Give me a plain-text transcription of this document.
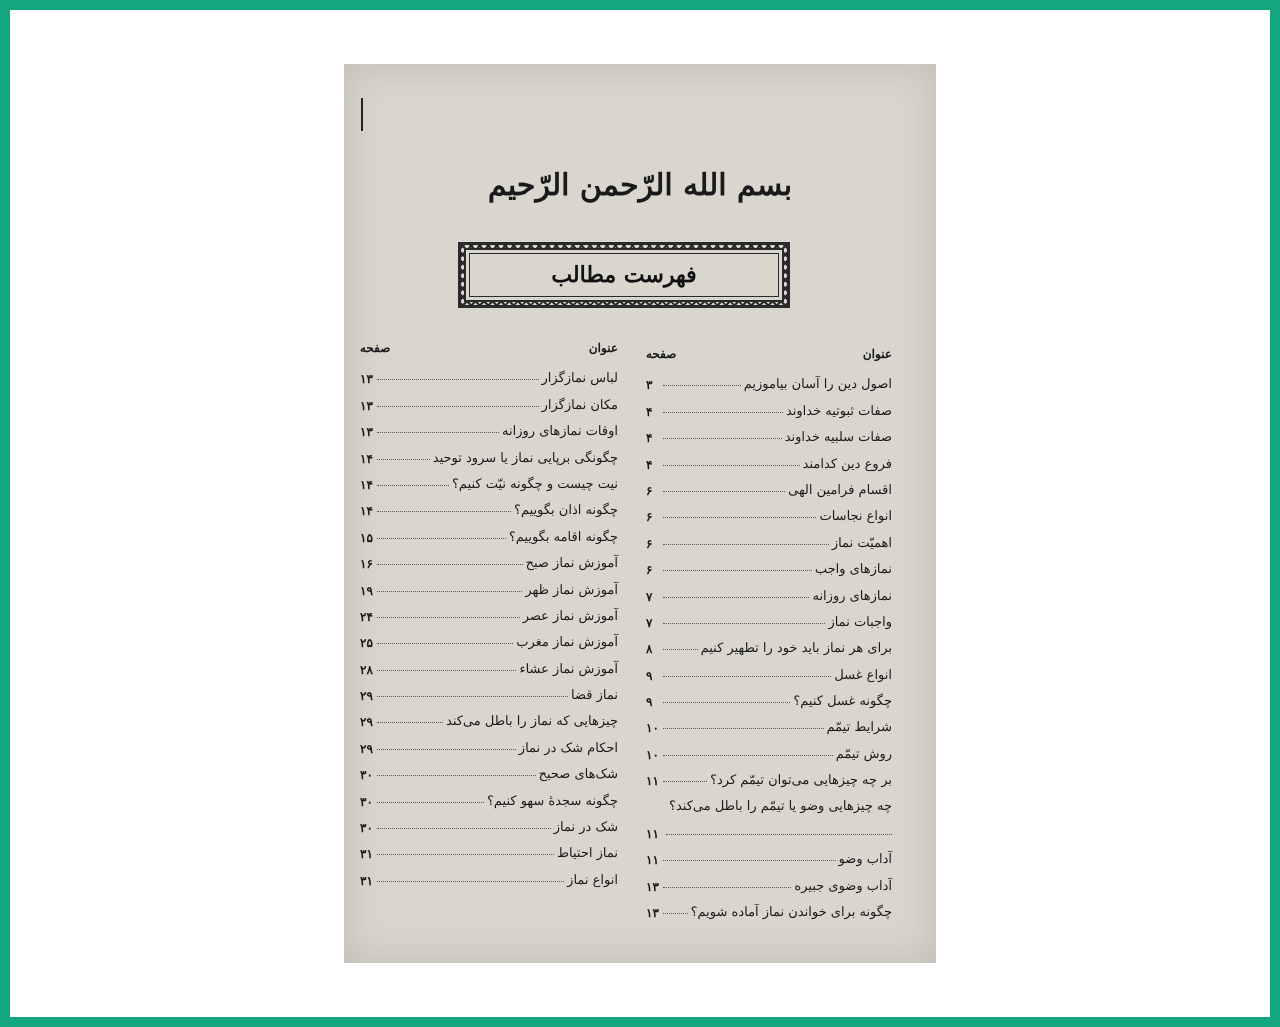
بسم الله الرّحمن الرّحیم
فهرست مطالب
عنوان
صفحه
اصول دین را آسان بیاموزیم
۳
صفات ثبوتیه خداوند
۴
صفات سلبیه خداوند
۴
فروع دین کدامند
۴
اقسام فرامین الهی
۶
انواع نجاسات
۶
اهمیّت نماز
۶
نمازهای واجب
۶
نمازهای روزانه
۷
واجبات نماز
۷
برای هر نماز باید خود را تطهیر کنیم
۸
انواع غسل
۹
چگونه غسل کنیم؟
۹
شرایط تیمّم
۱۰
روش تیمّم
۱۰
بر چه چیزهایی می‌توان تیمّم کرد؟
۱۱
چه چیزهایی وضو یا تیمّم را باطل می‌کند؟
۱۱
آداب وضو
۱۱
آداب وضوی جبیره
۱۳
چگونه برای خواندن نماز آماده شویم؟
۱۳
عنوان
صفحه
لباس نمازگزار
۱۳
مکان نمازگزار
۱۳
اوقات نمازهای روزانه
۱۳
چگونگی برپایی نماز یا سرود توحید
۱۴
نیت چیست و چگونه نیّت کنیم؟
۱۴
چگونه اذان بگوییم؟
۱۴
چگونه اقامه بگوییم؟
۱۵
آموزش نماز صبح
۱۶
آموزش نماز ظهر
۱۹
آموزش نماز عصر
۲۴
آموزش نماز مغرب
۲۵
آموزش نماز عشاء
۲۸
نماز قضا
۲۹
چیزهایی که نماز را باطل می‌کند
۲۹
احکام شک در نماز
۲۹
شک‌های صحیح
۳۰
چگونه سجدهٔ سهو کنیم؟
۳۰
شک در نماز
۳۰
نماز احتیاط
۳۱
انواع نماز
۳۱
